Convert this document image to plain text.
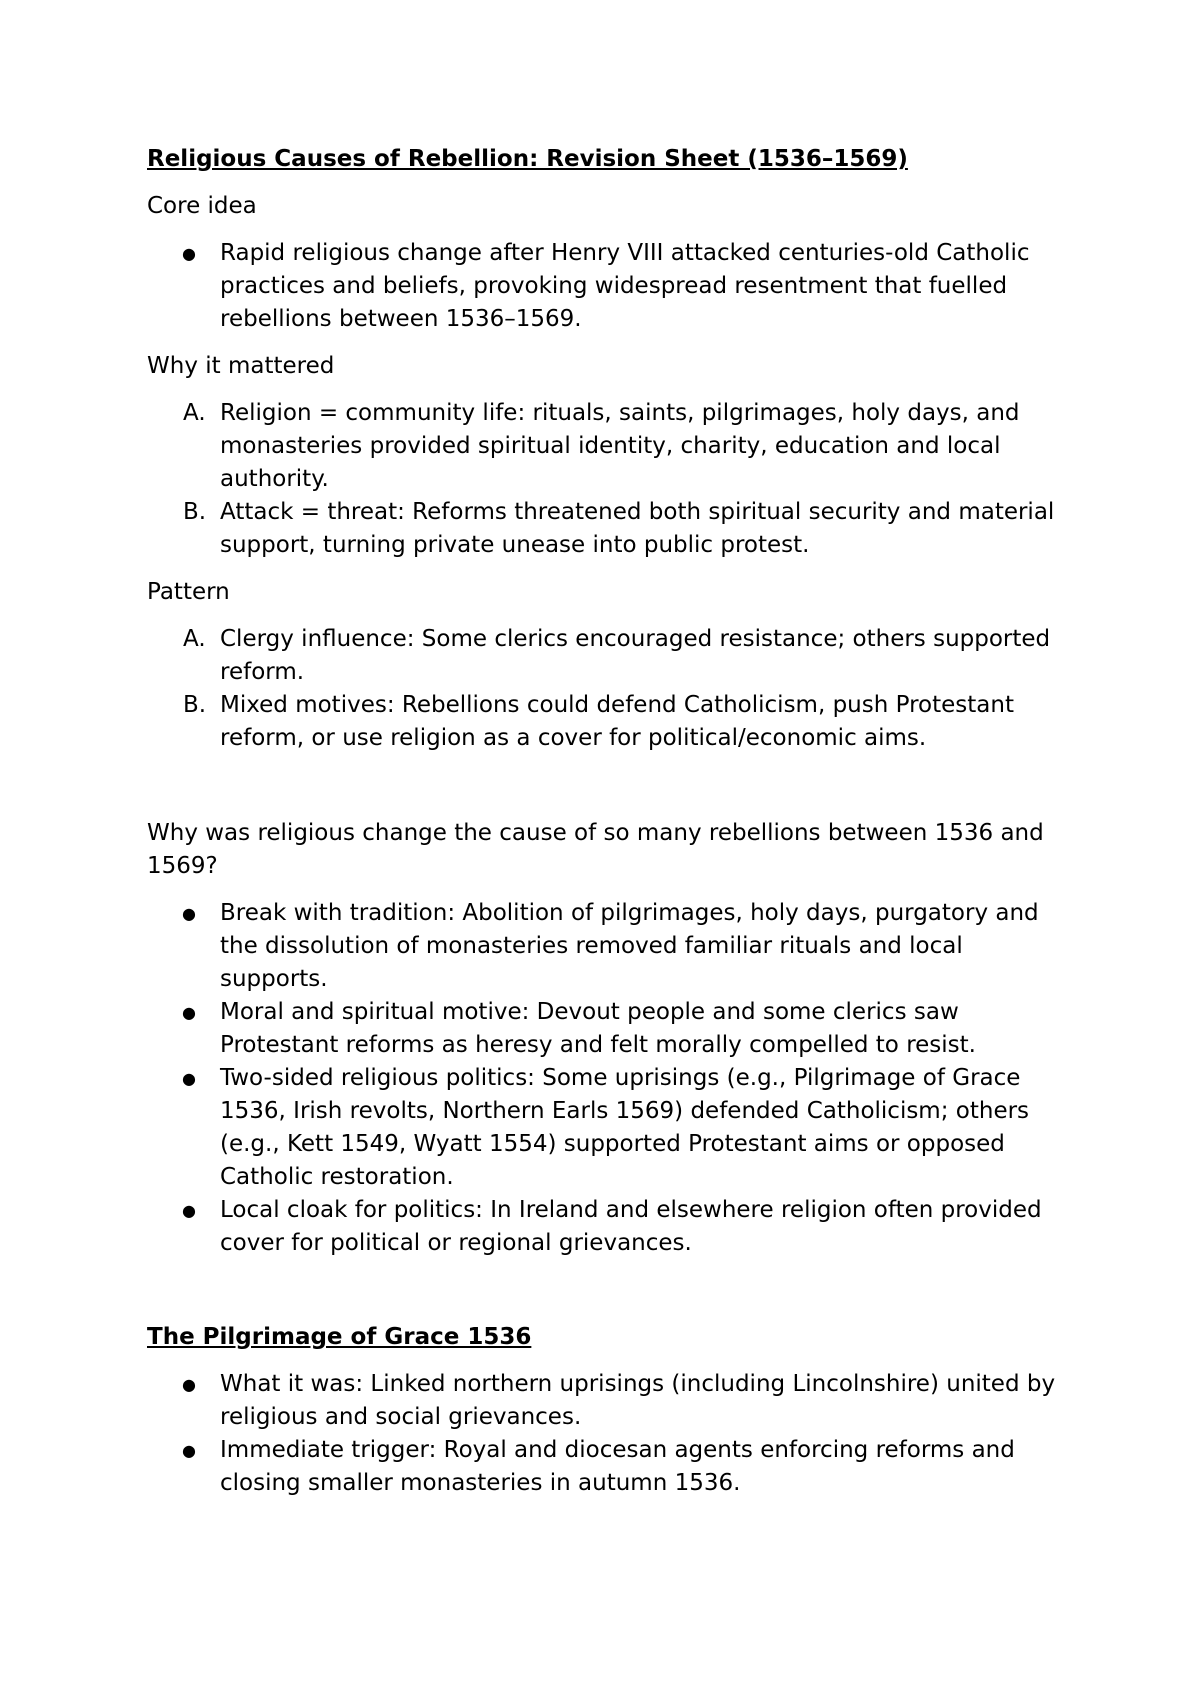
Religious Causes of Rebellion: Revision Sheet (1536–1569)
Core idea
● Rapid religious change after Henry VIII attacked centuries-old Catholic practices and beliefs, provoking widespread resentment that fuelled rebellions between 1536–1569.
Why it mattered
A. Religion = community life: rituals, saints, pilgrimages, holy days, and monasteries provided spiritual identity, charity, education and local authority.
B. Attack = threat: Reforms threatened both spiritual security and material support, turning private unease into public protest.
Pattern
A. Clergy influence: Some clerics encouraged resistance; others supported reform.
B. Mixed motives: Rebellions could defend Catholicism, push Protestant reform, or use religion as a cover for political/economic aims.
Why was religious change the cause of so many rebellions between 1536 and 1569?
● Break with tradition: Abolition of pilgrimages, holy days, purgatory and the dissolution of monasteries removed familiar rituals and local supports.
● Moral and spiritual motive: Devout people and some clerics saw Protestant reforms as heresy and felt morally compelled to resist.
● Two-sided religious politics: Some uprisings (e.g., Pilgrimage of Grace 1536, Irish revolts, Northern Earls 1569) defended Catholicism; others (e.g., Kett 1549, Wyatt 1554) supported Protestant aims or opposed Catholic restoration.
● Local cloak for politics: In Ireland and elsewhere religion often provided cover for political or regional grievances.
The Pilgrimage of Grace 1536
● What it was: Linked northern uprisings (including Lincolnshire) united by religious and social grievances.
● Immediate trigger: Royal and diocesan agents enforcing reforms and closing smaller monasteries in autumn 1536.
